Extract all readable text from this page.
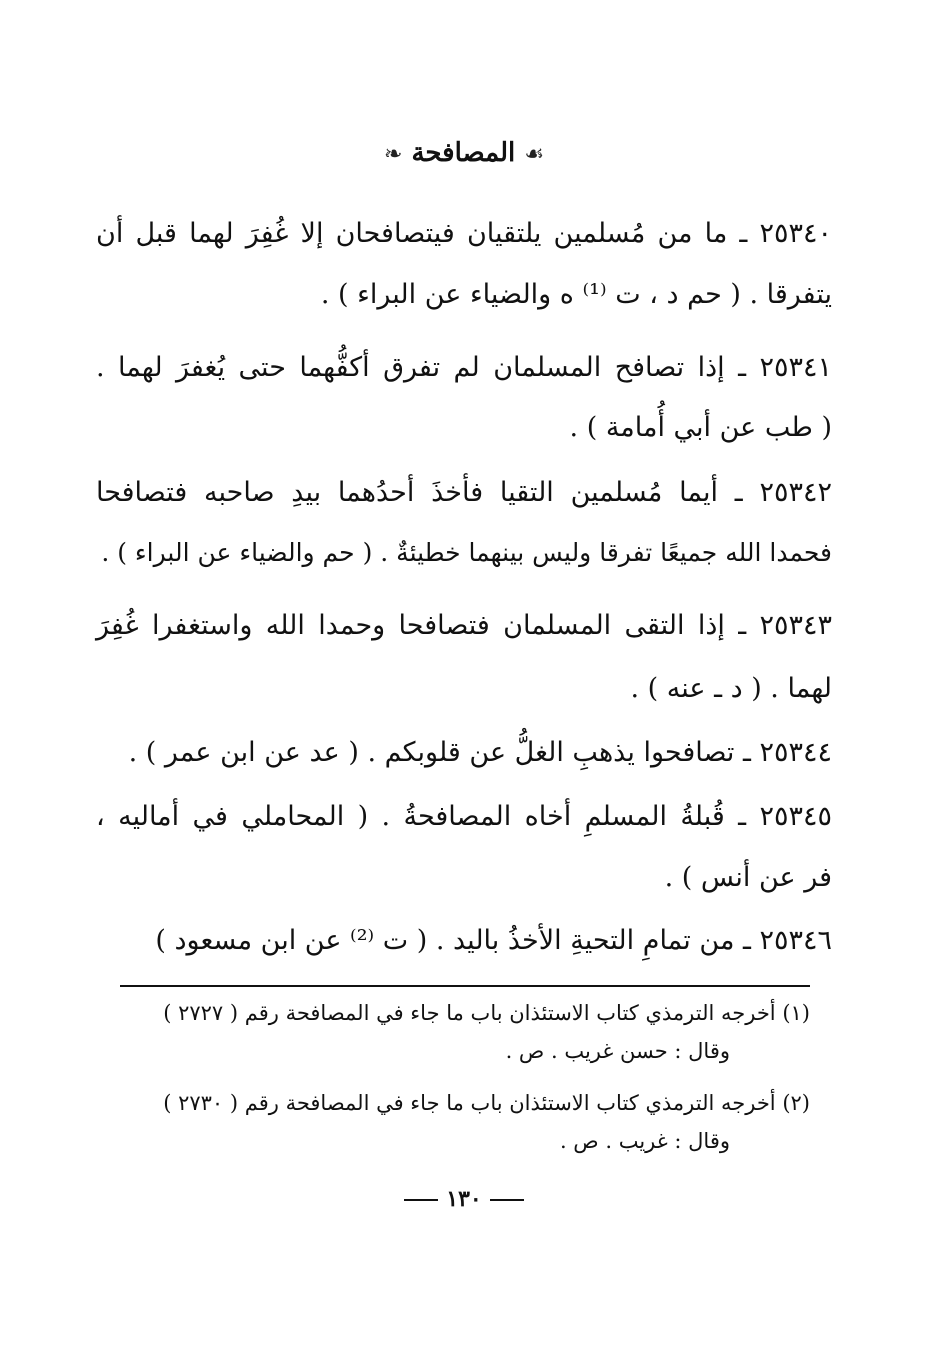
❧ المصافحة ☙
٢٥٣٤٠ ـ ما من مُسلمين يلتقيان فيتصافحان إلا غُفِرَ لهما قبل أن
يتفرقا . ( حم د ، ت ⁽¹⁾ ه والضياء عن البراء ) .
٢٥٣٤١ ـ إذا تصافح المسلمان لم تفرق أكفُّهما حتى يُغفرَ لهما .
( طب عن أبي أُمامة ) .
٢٥٣٤٢ ـ أيما مُسلمين التقيا فأخذَ أحدُهما بيدِ صاحبه فتصافحا
فحمدا الله جميعًا تفرقا وليس بينهما خطيئةٌ . ( حم والضياء عن البراء ) .
٢٥٣٤٣ ـ إذا التقى المسلمان فتصافحا وحمدا الله واستغفرا غُفِرَ
لهما . ( د ـ عنه ) .
٢٥٣٤٤ ـ تصافحوا يذهبِ الغلُّ عن قلوبكم . ( عد عن ابن عمر ) .
٢٥٣٤٥ ـ قُبلةُ المسلمِ أخاه المصافحةُ . ( المحاملي في أماليه ،
فر عن أنس ) .
٢٥٣٤٦ ـ من تمامِ التحيةِ الأخذُ باليد . ( ت ⁽²⁾ عن ابن مسعود )
(١) أخرجه الترمذي كتاب الاستئذان باب ما جاء في المصافحة رقم ( ٢٧٢٧ )
وقال : حسن غريب . ص .
(٢) أخرجه الترمذي كتاب الاستئذان باب ما جاء في المصافحة رقم ( ٢٧٣٠ )
وقال : غريب . ص .
١٣٠
